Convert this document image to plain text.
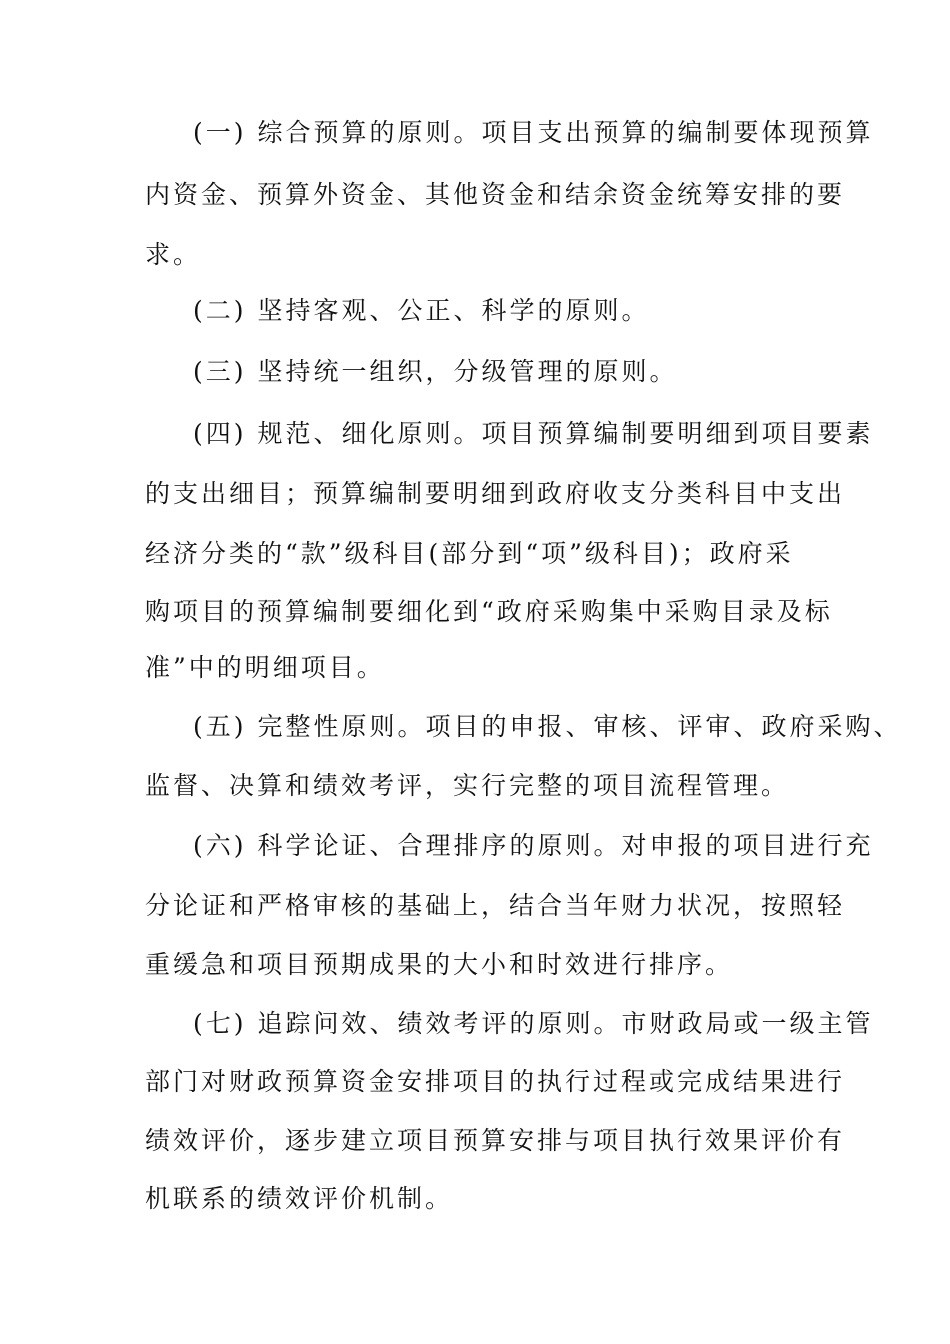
(一) 综合预算的原则。项目支出预算的编制要体现预算
内资金、预算外资金、其他资金和结余资金统筹安排的要
求。
(二) 坚持客观、公正、科学的原则。
(三) 坚持统一组织，分级管理的原则。
(四) 规范、细化原则。项目预算编制要明细到项目要素
的支出细目；预算编制要明细到政府收支分类科目中支出
经济分类的“款”级科目(部分到“项”级科目)；政府采
购项目的预算编制要细化到“政府采购集中采购目录及标
准”中的明细项目。
(五) 完整性原则。项目的申报、审核、评审、政府采购、
监督、决算和绩效考评，实行完整的项目流程管理。
(六) 科学论证、合理排序的原则。对申报的项目进行充
分论证和严格审核的基础上，结合当年财力状况，按照轻
重缓急和项目预期成果的大小和时效进行排序。
(七) 追踪问效、绩效考评的原则。市财政局或一级主管
部门对财政预算资金安排项目的执行过程或完成结果进行
绩效评价，逐步建立项目预算安排与项目执行效果评价有
机联系的绩效评价机制。
